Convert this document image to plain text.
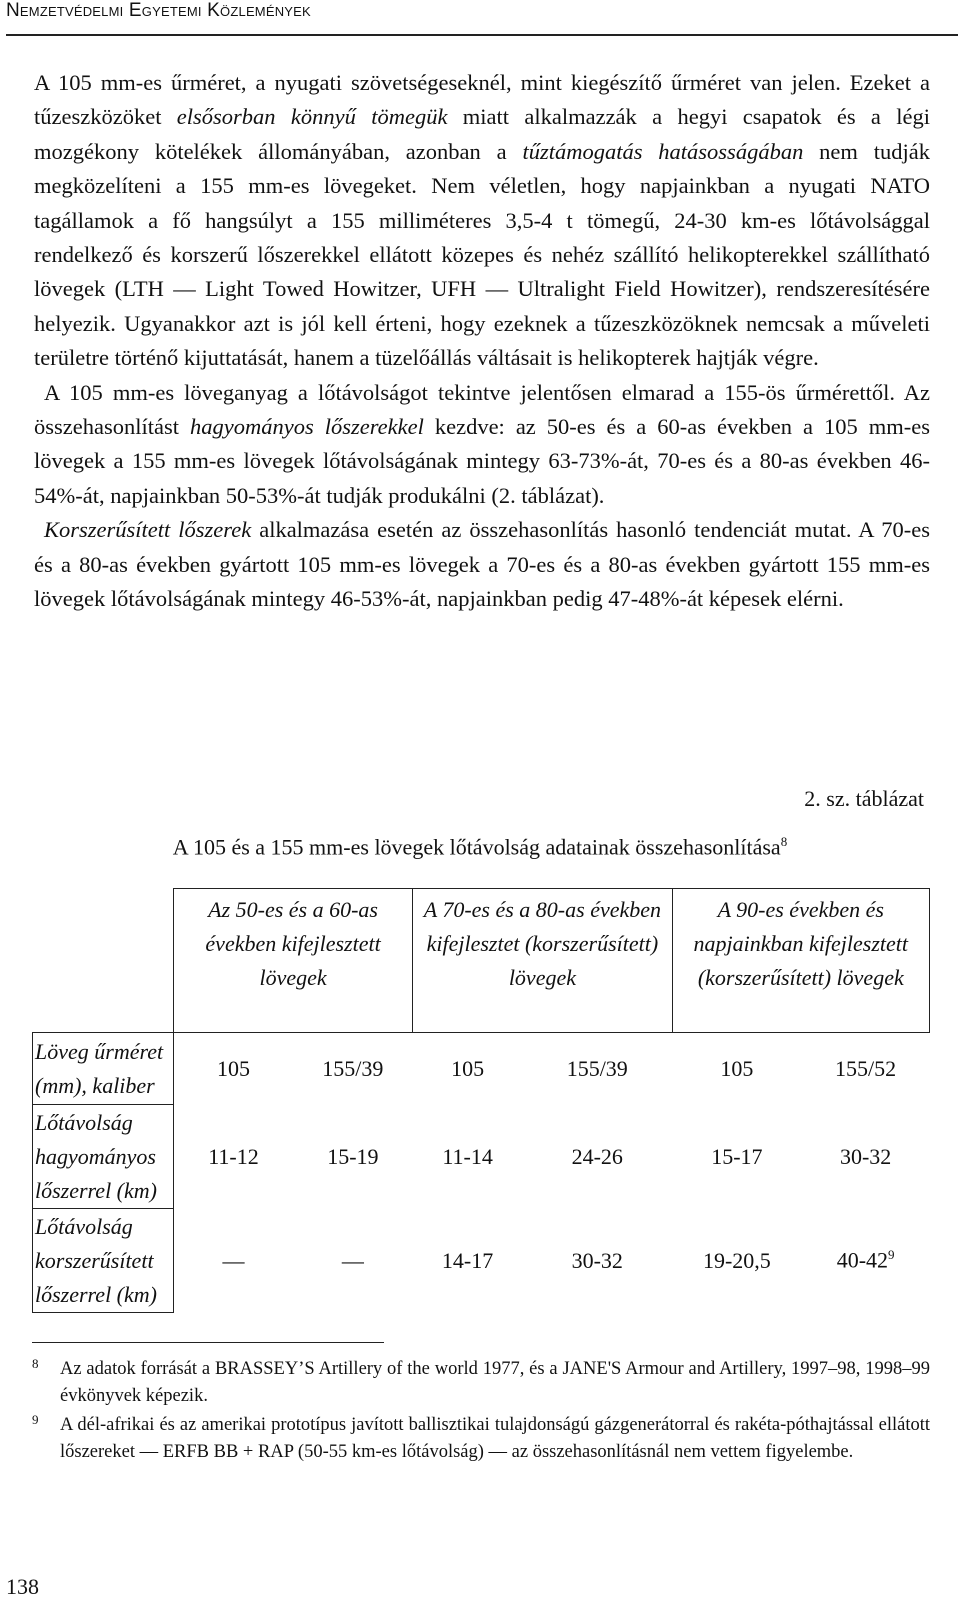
Nemzetvédelmi Egyetemi Közlemények

A 105 mm-es űrméret, a nyugati szövetségeseknél, mint kiegészítő űrméret van jelen. Ezeket a tűzeszközöket elsősorban könnyű tömegük miatt alkalmazzák a hegyi csapatok és a légi mozgékony kötelékek állományában, azonban a tűztámogatás hatásosságában nem tudják megközelíteni a 155 mm-es lövegeket. Nem véletlen, hogy napjainkban a nyugati NATO tagállamok a fő hangsúlyt a 155 milliméteres 3,5-4 t tömegű, 24-30 km-es lőtávolsággal rendelkező és korszerű lőszerekkel ellátott közepes és nehéz szállító helikopterekkel szállítható lövegek (LTH — Light Towed Howitzer, UFH — Ultralight Field Howitzer), rendszeresítésére helyezik. Ugyanakkor azt is jól kell érteni, hogy ezeknek a tűzeszközöknek nemcsak a műveleti területre történő kijuttatását, hanem a tüzelőállás váltásait is helikopterek hajtják végre.

A 105 mm-es löveganyag a lőtávolságot tekintve jelentősen elmarad a 155-ös űrmérettől. Az összehasonlítást hagyományos lőszerekkel kezdve: az 50-es és a 60-as években a 105 mm-es lövegek a 155 mm-es lövegek lőtávolságának mintegy 63-73%-át, 70-es és a 80-as években 46-54%-át, napjainkban 50-53%-át tudják produkálni (2. táblázat).

Korszerűsített lőszerek alkalmazása esetén az összehasonlítás hasonló tendenciát mutat. A 70-es és a 80-as években gyártott 105 mm-es lövegek a 70-es és a 80-as években gyártott 155 mm-es lövegek lőtávolságának mintegy 46-53%-át, napjainkban pedig 47-48%-át képesek elérni.

2. sz. táblázat
A 105 és a 155 mm-es lövegek lőtávolság adatainak összehasonlítása$^8$
	Az 50-es és a 60-as években kifejlesztett lövegek		A 70-es és a 80-as években kifejlesztet (korszerűsített) lövegek		A 90-es években és napjainkban kifejlesztett (korszerűsített) lövegek	
Löveg űrméret (mm), kaliber	105	155/39	105	155/39	105	155/52
Lőtávolság hagyományos lőszerrel (km)	11-12	15-19	11-14	24-26	15-17	30-32
Lőtávolság korszerűsített lőszerrel (km)	—	—	14-17	30-32	19-20,5	$40-42^9$
8	Az adatok forrását a BRASSEY’S Artillery of the world 1977, és a JANE'S Armour and Artillery, 1997–98, 1998–99 évkönyvek képezik.
9	A dél-afrikai és az amerikai prototípus javított ballisztikai tulajdonságú gázgenerátorral és rakéta-póthajtással ellátott lőszereket — ERFB BB + RAP (50-55 km-es lőtávolság) — az összehasonlításnál nem vettem figyelembe.
138
